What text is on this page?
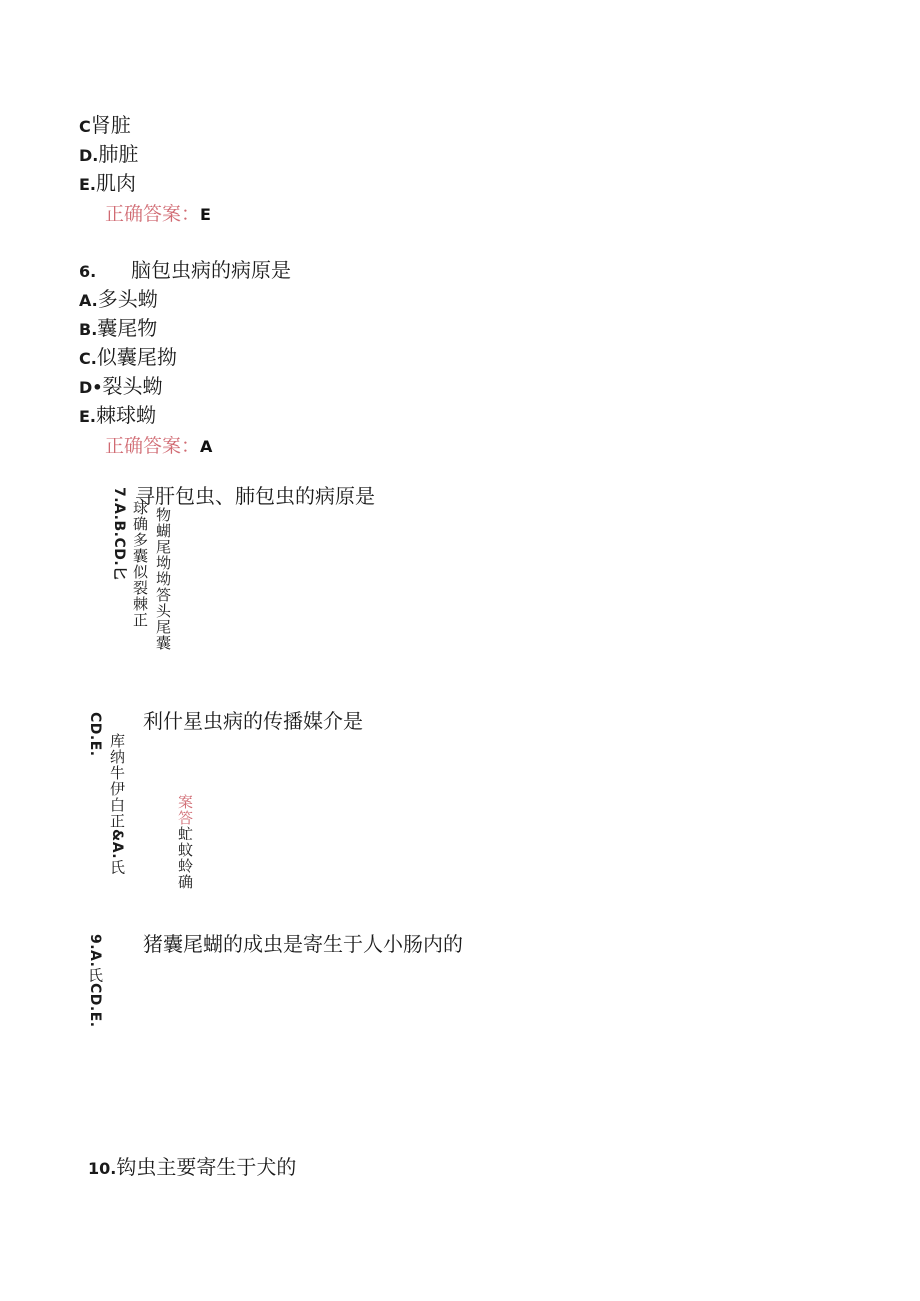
C肾脏
D.肺脏
E.肌肉
正确答案：E
6. 脑包虫病的病原是
A.多头蚴
B.囊尾物
C.似囊尾拗
D•裂头蚴
E.棘球蚴
正确答案：A
寻肝包虫、肺包虫的病原是
7.A.B.CD.匕 球确多囊似裂棘正 物蝴尾坳坳答头尾囊
利什星虫病的传播媒介是
CD.E. 库纳牛伊白正&A.氏
案答虻蚊蛉确
猪囊尾蝴的成虫是寄生于人小肠内的
9.A.氏CD.E.
10.钩虫主要寄生于犬的
